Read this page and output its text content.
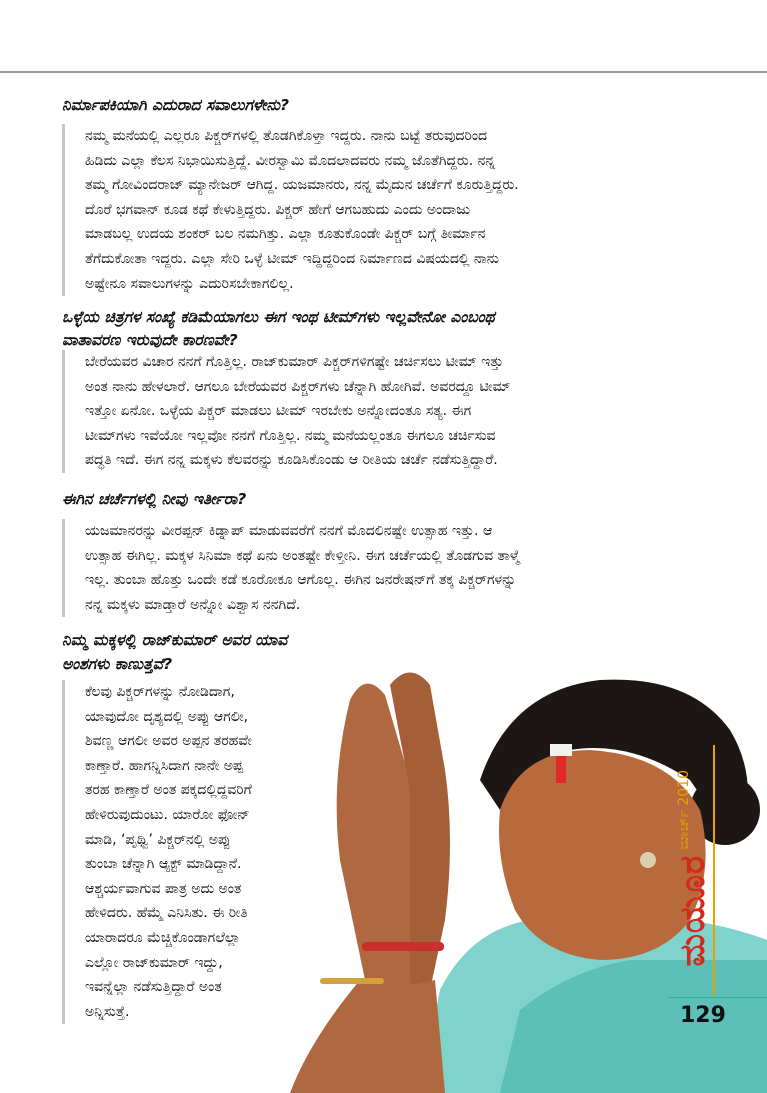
ನಿರ್ಮಾಪಕಿಯಾಗಿ ಎದುರಾದ ಸವಾಲುಗಳೇನು?

ನಮ್ಮ ಮನೆಯಲ್ಲಿ ಎಲ್ಲರೂ ಪಿಕ್ಚರ್‌ಗಳಲ್ಲಿ ತೊಡಗಿಕೊಳ್ತಾ ಇದ್ದರು. ನಾನು ಬಟ್ಟೆ ತರುವುದರಿಂದ

ಹಿಡಿದು ಎಲ್ಲಾ ಕೆಲಸ ನಿಭಾಯಿಸುತ್ತಿದ್ದೆ. ವೀರಸ್ವಾಮಿ ಮೊದಲಾದವರು ನಮ್ಮ ಜೊತೆಗಿದ್ದರು. ನನ್ನ

ತಮ್ಮ ಗೋವಿಂದರಾಜ್ ಮ್ಯಾನೇಜರ್ ಆಗಿದ್ದ. ಯಜಮಾನರು, ನನ್ನ ಮೈದುನ ಚರ್ಚೆಗೆ ಕೂರುತ್ತಿದ್ದರು.

ದೊರೆ ಭಗವಾನ್ ಕೂಡ ಕಥೆ ಕೇಳುತ್ತಿದ್ದರು. ಪಿಕ್ಚರ್ ಹೇಗೆ ಆಗಬಹುದು ಎಂದು ಅಂದಾಜು

ಮಾಡಬಲ್ಲ ಉದಯ ಶಂಕರ್ ಬಲ ನಮಗಿತ್ತು. ಎಲ್ಲಾ ಕೂತುಕೊಂಡೇ ಪಿಕ್ಚರ್ ಬಗ್ಗೆ ತೀರ್ಮಾನ

ತೆಗೆದುಕೋತಾ ಇದ್ದರು. ಎಲ್ಲಾ ಸೇರಿ ಒಳ್ಳೆ ಟೀಮ್ ಇದ್ದಿದ್ದರಿಂದ ನಿರ್ಮಾಣದ ವಿಷಯದಲ್ಲಿ ನಾನು

ಅಷ್ಟೇನೂ ಸವಾಲುಗಳನ್ನು ಎದುರಿಸಬೇಕಾಗಲಿಲ್ಲ.

ಒಳ್ಳೆಯ ಚಿತ್ರಗಳ ಸಂಖ್ಯೆ ಕಡಿಮೆಯಾಗಲು ಈಗ ಇಂಥ ಟೀಮ್‌ಗಳು ಇಲ್ಲವೇನೋ ಎಂಬಂಥ
ವಾತಾವರಣ ಇರುವುದೇ ಕಾರಣವೇ?

ಬೇರೆಯವರ ವಿಚಾರ ನನಗೆ ಗೊತ್ತಿಲ್ಲ. ರಾಜ್‌ಕುಮಾರ್ ಪಿಕ್ಚರ್‌ಗಳಿಗಷ್ಟೇ ಚರ್ಚಿಸಲು ಟೀಮ್ ಇತ್ತು

ಅಂತ ನಾನು ಹೇಳಲಾರೆ. ಆಗಲೂ ಬೇರೆಯವರ ಪಿಕ್ಚರ್‌ಗಳು ಚೆನ್ನಾಗಿ ಹೋಗಿವೆ. ಅವರದ್ದೂ ಟೀಮ್

ಇತ್ತೋ ಏನೋ. ಒಳ್ಳೆಯ ಪಿಕ್ಚರ್ ಮಾಡಲು ಟೀಮ್ ಇರಬೇಕು ಅನ್ನೋದಂತೂ ಸತ್ಯ. ಈಗ

ಟೀಮ್‌ಗಳು ಇವೆಯೋ ಇಲ್ಲವೋ ನನಗೆ ಗೊತ್ತಿಲ್ಲ. ನಮ್ಮ ಮನೆಯಲ್ಲಂತೂ ಈಗಲೂ ಚರ್ಚಿಸುವ

ಪದ್ಧತಿ ಇದೆ. ಈಗ ನನ್ನ ಮಕ್ಕಳು ಕೆಲವರನ್ನು ಕೂಡಿಸಿಕೊಂಡು ಆ ರೀತಿಯ ಚರ್ಚೆ ನಡೆಸುತ್ತಿದ್ದಾರೆ.

ಈಗಿನ ಚರ್ಚೆಗಳಲ್ಲಿ ನೀವು ಇರ್ತೀರಾ?

ಯಜಮಾನರನ್ನು ವೀರಪ್ಪನ್ ಕಿಡ್ನಾಪ್ ಮಾಡುವವರೆಗೆ ನನಗೆ ಮೊದಲಿನಷ್ಟೇ ಉತ್ಸಾಹ ಇತ್ತು. ಆ

ಉತ್ಸಾಹ ಈಗಿಲ್ಲ. ಮಕ್ಕಳ ಸಿನಿಮಾ ಕಥೆ ಏನು ಅಂತಷ್ಟೇ ಕೇಳ್ತೀನಿ. ಈಗ ಚರ್ಚೆಯಲ್ಲಿ ತೊಡಗುವ ತಾಳ್ಮೆ

ಇಲ್ಲ. ತುಂಬಾ ಹೊತ್ತು ಒಂದೇ ಕಡೆ ಕೂರೋಕೂ ಆಗೊಲ್ಲ. ಈಗಿನ ಜನರೇಷನ್‌ಗೆ ತಕ್ಕ ಪಿಕ್ಚರ್‌ಗಳನ್ನು

ನನ್ನ ಮಕ್ಕಳು ಮಾಡ್ತಾರೆ ಅನ್ನೋ ವಿಶ್ವಾಸ ನನಗಿದೆ.

ಮಾರ್ಚ್ 2010
ಮಯೂರ
129
ನಿಮ್ಮ ಮಕ್ಕಳಲ್ಲಿ ರಾಜ್‌ಕುಮಾರ್ ಅವರ ಯಾವ
ಅಂಶಗಳು ಕಾಣುತ್ತವೆ?

ಕೆಲವು ಪಿಕ್ಚರ್‌ಗಳನ್ನು ನೋಡಿದಾಗ,

ಯಾವುದೋ ದೃಶ್ಯದಲ್ಲಿ ಅಪ್ಪು ಆಗಲೀ,

ಶಿವಣ್ಣ ಆಗಲೀ ಅವರ ಅಪ್ಪನ ತರಹವೇ

ಕಾಣ್ತಾರೆ. ಹಾಗನ್ನಿಸಿದಾಗ ನಾನೇ ಅಪ್ಪ

ತರಹ ಕಾಣ್ತಾರೆ ಅಂತ ಪಕ್ಕದಲ್ಲಿದ್ದವರಿಗೆ

ಹೇಳಿರುವುದುಂಟು. ಯಾರೋ ಫೋನ್

ಮಾಡಿ, ‘ಪೃಥ್ವಿ’ ಪಿಕ್ಚರ್‌ನಲ್ಲಿ ಅಪ್ಪು

ತುಂಬಾ ಚೆನ್ನಾಗಿ ಆ್ಯಕ್ಟ್ ಮಾಡಿದ್ದಾನೆ.

ಆಶ್ಚರ್ಯವಾಗುವ ಪಾತ್ರ ಅದು ಅಂತ

ಹೇಳಿದರು. ಹೆಮ್ಮೆ ಎನಿಸಿತು. ಈ ರೀತಿ

ಯಾರಾದರೂ ಮೆಚ್ಚಿಕೊಂಡಾಗಲೆಲ್ಲಾ

ಎಲ್ಲೋ ರಾಜ್‌ಕುಮಾರ್ ಇದ್ದು,

ಇವನ್ನೆಲ್ಲಾ ನಡೆಸುತ್ತಿದ್ದಾರೆ ಅಂತ

ಅನ್ನಿಸುತ್ತೆ.
